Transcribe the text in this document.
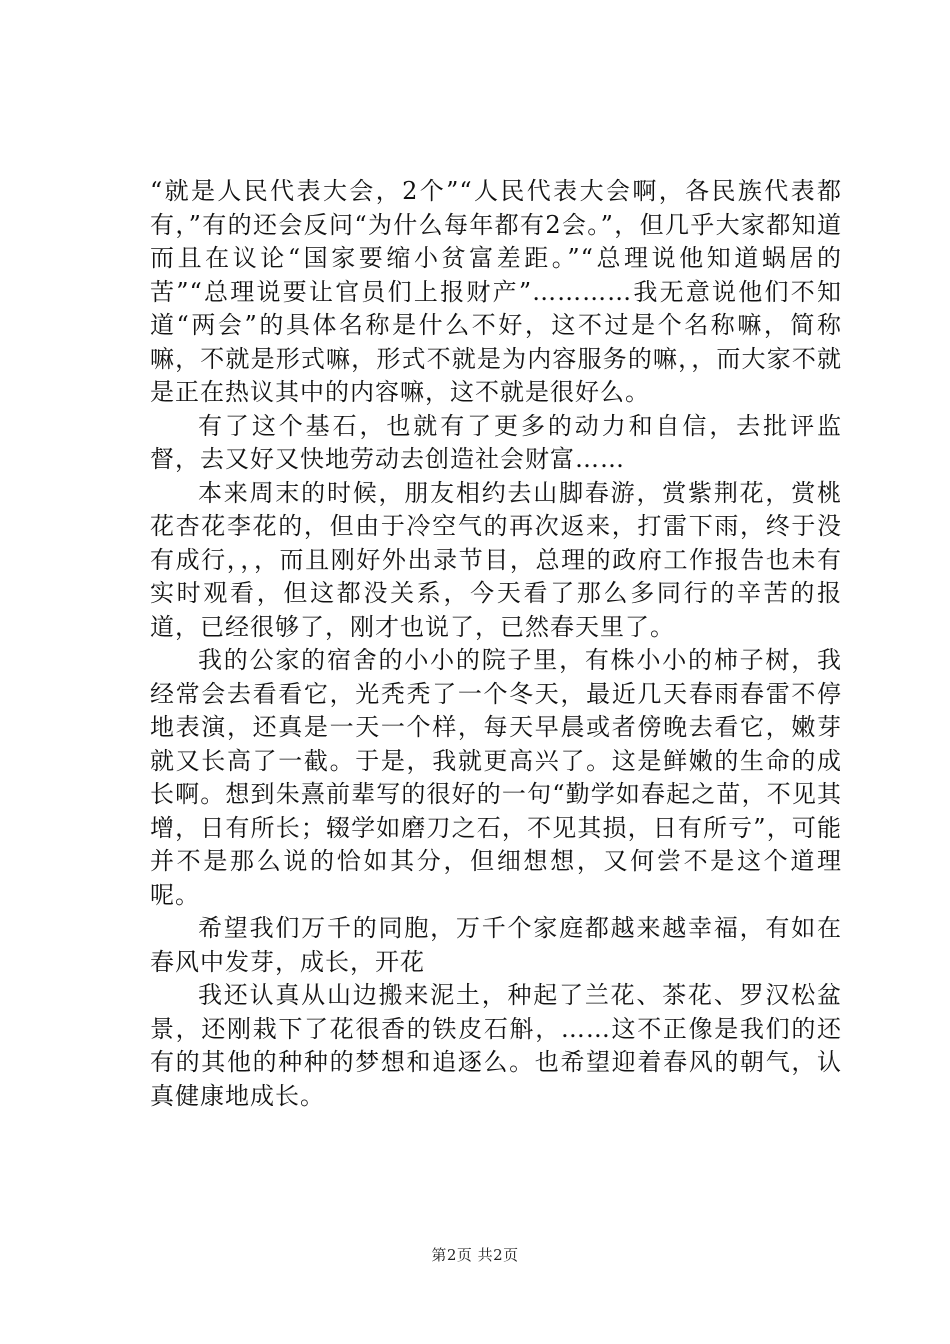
“就是人民代表大会，2个”“人民代表大会啊，各民族代表都有，”有的还会反问“为什么每年都有2会。”，但几乎大家都知道而且在议论“国家要缩小贫富差距。”“总理说他知道蜗居的苦”“总理说要让官员们上报财产”…………我无意说他们不知道“两会”的具体名称是什么不好，这不过是个名称嘛，简称嘛，不就是形式嘛，形式不就是为内容服务的嘛，，而大家不就是正在热议其中的内容嘛，这不就是很好么。

有了这个基石，也就有了更多的动力和自信，去批评监督，去又好又快地劳动去创造社会财富……

本来周末的时候，朋友相约去山脚春游，赏紫荆花，赏桃花杏花李花的，但由于冷空气的再次返来，打雷下雨，终于没有成行，，，而且刚好外出录节目，总理的政府工作报告也未有实时观看，但这都没关系，今天看了那么多同行的辛苦的报道，已经很够了，刚才也说了，已然春天里了。

我的公家的宿舍的小小的院子里，有株小小的柿子树，我经常会去看看它，光秃秃了一个冬天，最近几天春雨春雷不停地表演，还真是一天一个样，每天早晨或者傍晚去看它，嫩芽就又长高了一截。于是，我就更高兴了。这是鲜嫩的生命的成长啊。想到朱熹前辈写的很好的一句“勤学如春起之苗，不见其增，日有所长；辍学如磨刀之石，不见其损，日有所亏”，可能并不是那么说的恰如其分，但细想想，又何尝不是这个道理呢。

希望我们万千的同胞，万千个家庭都越来越幸福，有如在春风中发芽，成长，开花

我还认真从山边搬来泥土，种起了兰花、茶花、罗汉松盆景，还刚栽下了花很香的铁皮石斛，……这不正像是我们的还有的其他的种种的梦想和追逐么。也希望迎着春风的朝气，认真健康地成长。

第2页 共2页
